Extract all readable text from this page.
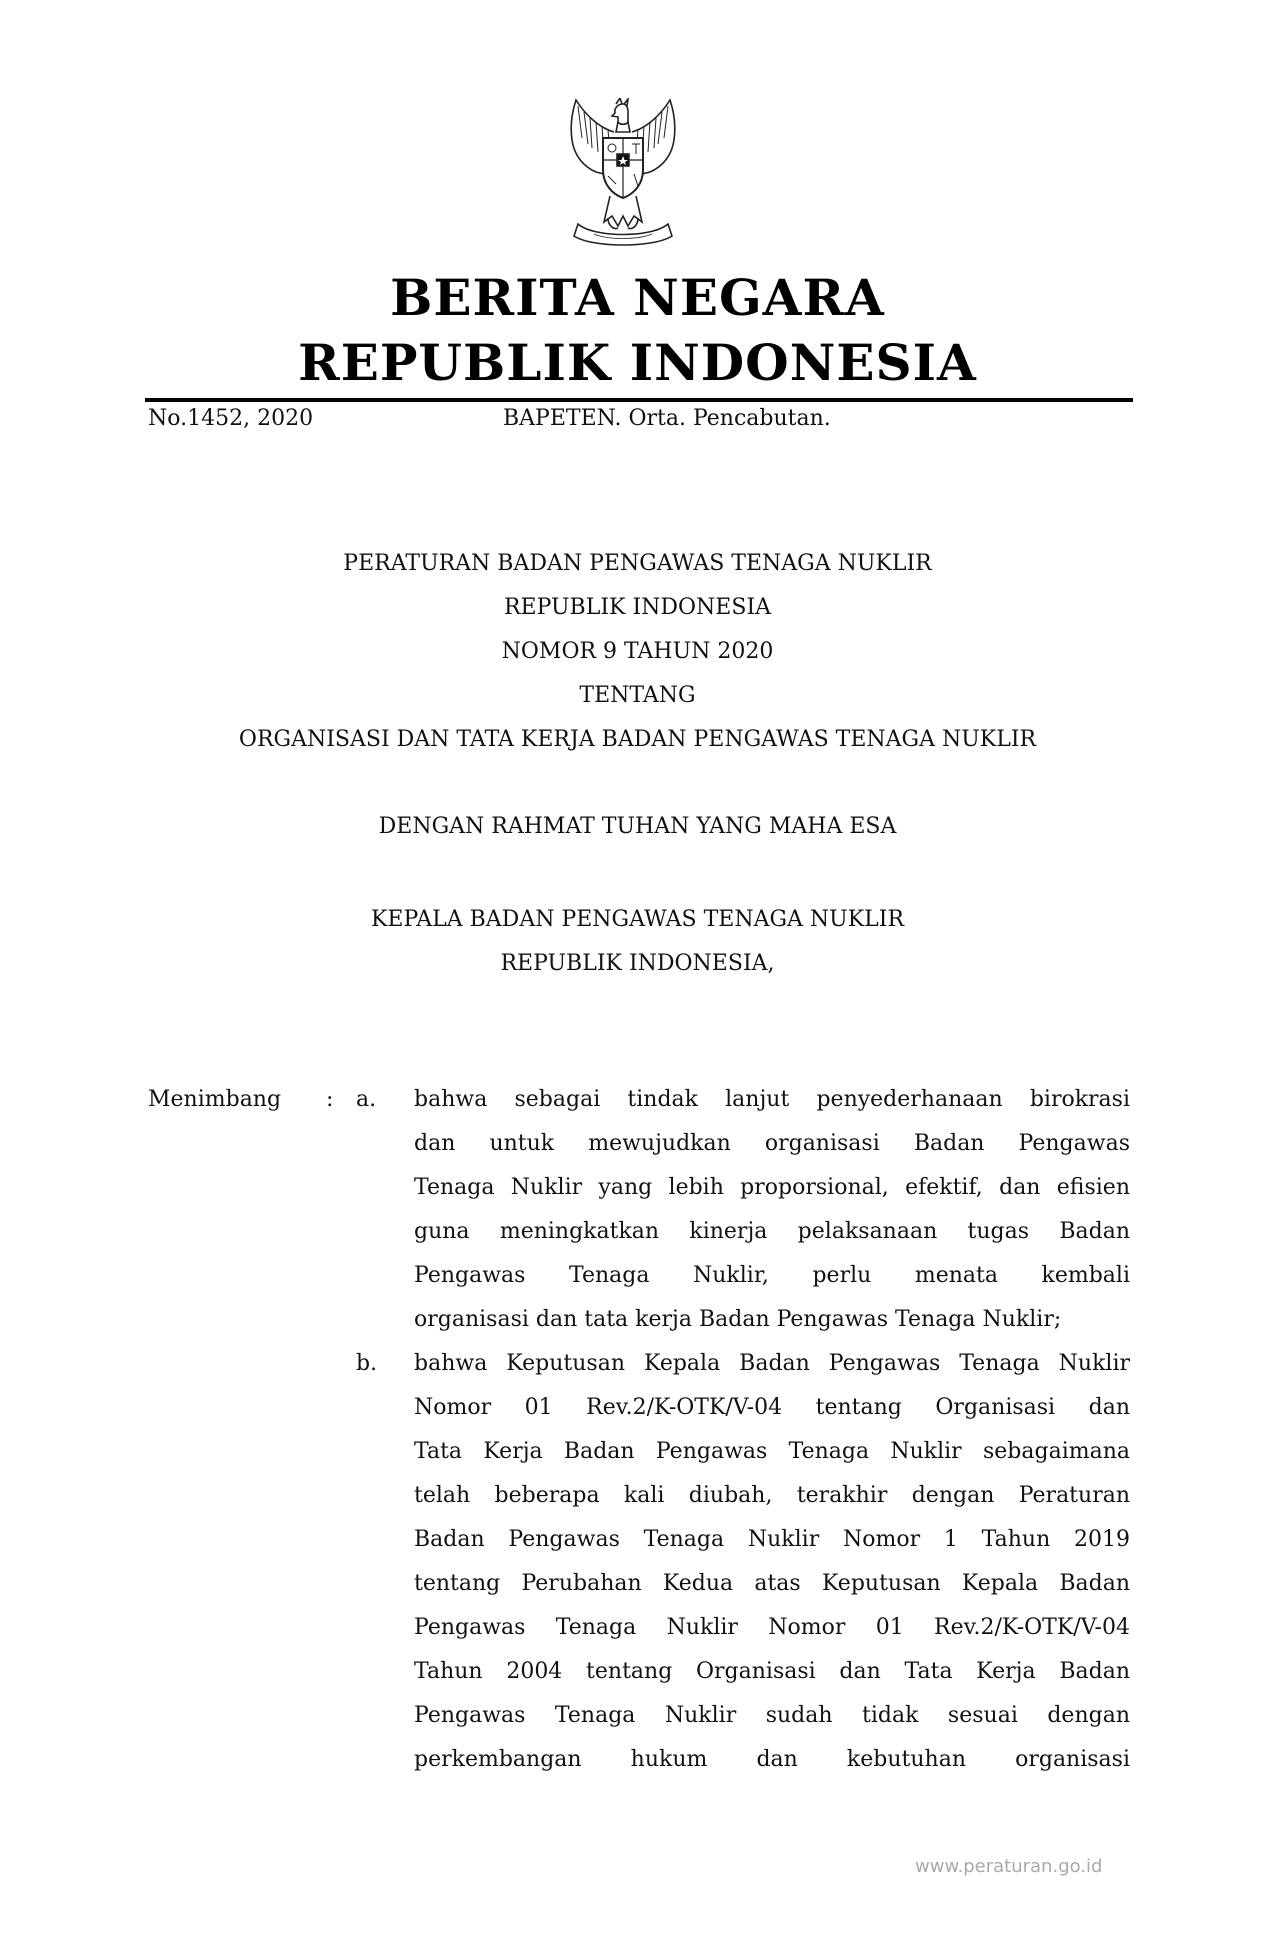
BERITA NEGARA
REPUBLIK INDONESIA
No.1452, 2020	BAPETEN. Orta. Pencabutan.
PERATURAN BADAN PENGAWAS TENAGA NUKLIR
REPUBLIK INDONESIA
NOMOR 9 TAHUN 2020
TENTANG
ORGANISASI DAN TATA KERJA BADAN PENGAWAS TENAGA NUKLIR
DENGAN RAHMAT TUHAN YANG MAHA ESA
KEPALA BADAN PENGAWAS TENAGA NUKLIR
REPUBLIK INDONESIA,
Menimbang : a. bahwa sebagai tindak lanjut penyederhanaan birokrasi
dan untuk mewujudkan organisasi Badan Pengawas
Tenaga Nuklir yang lebih proporsional, efektif, dan efisien
guna meningkatkan kinerja pelaksanaan tugas Badan
Pengawas Tenaga Nuklir, perlu menata kembali
organisasi dan tata kerja Badan Pengawas Tenaga Nuklir;
b. bahwa Keputusan Kepala Badan Pengawas Tenaga Nuklir
Nomor 01 Rev.2/K-OTK/V-04 tentang Organisasi dan
Tata Kerja Badan Pengawas Tenaga Nuklir sebagaimana
telah beberapa kali diubah, terakhir dengan Peraturan
Badan Pengawas Tenaga Nuklir Nomor 1 Tahun 2019
tentang Perubahan Kedua atas Keputusan Kepala Badan
Pengawas Tenaga Nuklir Nomor 01 Rev.2/K-OTK/V-04
Tahun 2004 tentang Organisasi dan Tata Kerja Badan
Pengawas Tenaga Nuklir sudah tidak sesuai dengan
perkembangan hukum dan kebutuhan organisasi
www.peraturan.go.id
